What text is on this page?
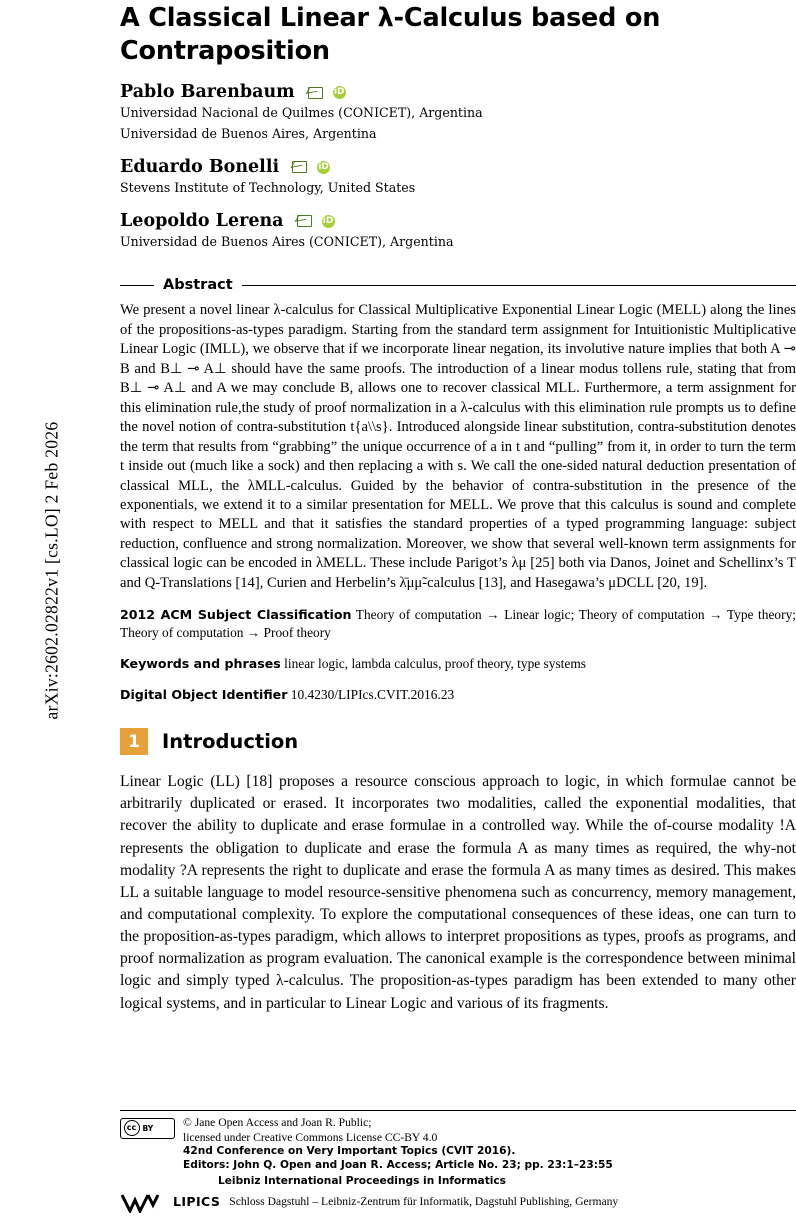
arXiv:2602.02822v1 [cs.LO] 2 Feb 2026
A Classical Linear λ-Calculus based on Contraposition
Pablo Barenbaum	iD
Universidad Nacional de Quilmes (CONICET), Argentina
Universidad de Buenos Aires, Argentina
Eduardo Bonelli	iD
Stevens Institute of Technology, United States
Leopoldo Lerena	iD
Universidad de Buenos Aires (CONICET), Argentina
Abstract
We present a novel linear λ-calculus for Classical Multiplicative Exponential Linear Logic (MELL) along the lines of the propositions-as-types paradigm. Starting from the standard term assignment for Intuitionistic Multiplicative Linear Logic (IMLL), we observe that if we incorporate linear negation, its involutive nature implies that both A ⊸ B and B⊥ ⊸ A⊥ should have the same proofs. The introduction of a linear modus tollens rule, stating that from B⊥ ⊸ A⊥ and A we may conclude B, allows one to recover classical MLL. Furthermore, a term assignment for this elimination rule,the study of proof normalization in a λ-calculus with this elimination rule prompts us to define the novel notion of contra-substitution t{a\\s}. Introduced alongside linear substitution, contra-substitution denotes the term that results from “grabbing” the unique occurrence of a in t and “pulling” from it, in order to turn the term t inside out (much like a sock) and then replacing a with s. We call the one-sided natural deduction presentation of classical MLL, the λMLL-calculus. Guided by the behavior of contra-substitution in the presence of the exponentials, we extend it to a similar presentation for MELL. We prove that this calculus is sound and complete with respect to MELL and that it satisfies the standard properties of a typed programming language: subject reduction, confluence and strong normalization. Moreover, we show that several well-known term assignments for classical logic can be encoded in λMELL. These include Parigot’s λμ [25] both via Danos, Joinet and Schellinx’s T and Q-Translations [14], Curien and Herbelin’s λ̄μμ̃-calculus [13], and Hasegawa’s μDCLL [20, 19].
2012 ACM Subject Classification Theory of computation → Linear logic; Theory of computation → Type theory; Theory of computation → Proof theory
Keywords and phrases linear logic, lambda calculus, proof theory, type systems
Digital Object Identifier 10.4230/LIPIcs.CVIT.2016.23
1	Introduction
Linear Logic (LL) [18] proposes a resource conscious approach to logic, in which formulae cannot be arbitrarily duplicated or erased. It incorporates two modalities, called the exponential modalities, that recover the ability to duplicate and erase formulae in a controlled way. While the of-course modality !A represents the obligation to duplicate and erase the formula A as many times as required, the why-not modality ?A represents the right to duplicate and erase the formula A as many times as desired. This makes LL a suitable language to model resource-sensitive phenomena such as concurrency, memory management, and computational complexity. To explore the computational consequences of these ideas, one can turn to the proposition-as-types paradigm, which allows to interpret propositions as types, proofs as programs, and proof normalization as program evaluation. The canonical example is the correspondence between minimal logic and simply typed λ-calculus. The proposition-as-types paradigm has been extended to many other logical systems, and in particular to Linear Logic and various of its fragments.
cc BY	© Jane Open Access and Joan R. Public;
licensed under Creative Commons License CC-BY 4.0
42nd Conference on Very Important Topics (CVIT 2016).
Editors: John Q. Open and Joan R. Access; Article No. 23; pp. 23:1–23:55
Leibniz International Proceedings in Informatics
LIPICS Schloss Dagstuhl – Leibniz-Zentrum für Informatik, Dagstuhl Publishing, Germany
